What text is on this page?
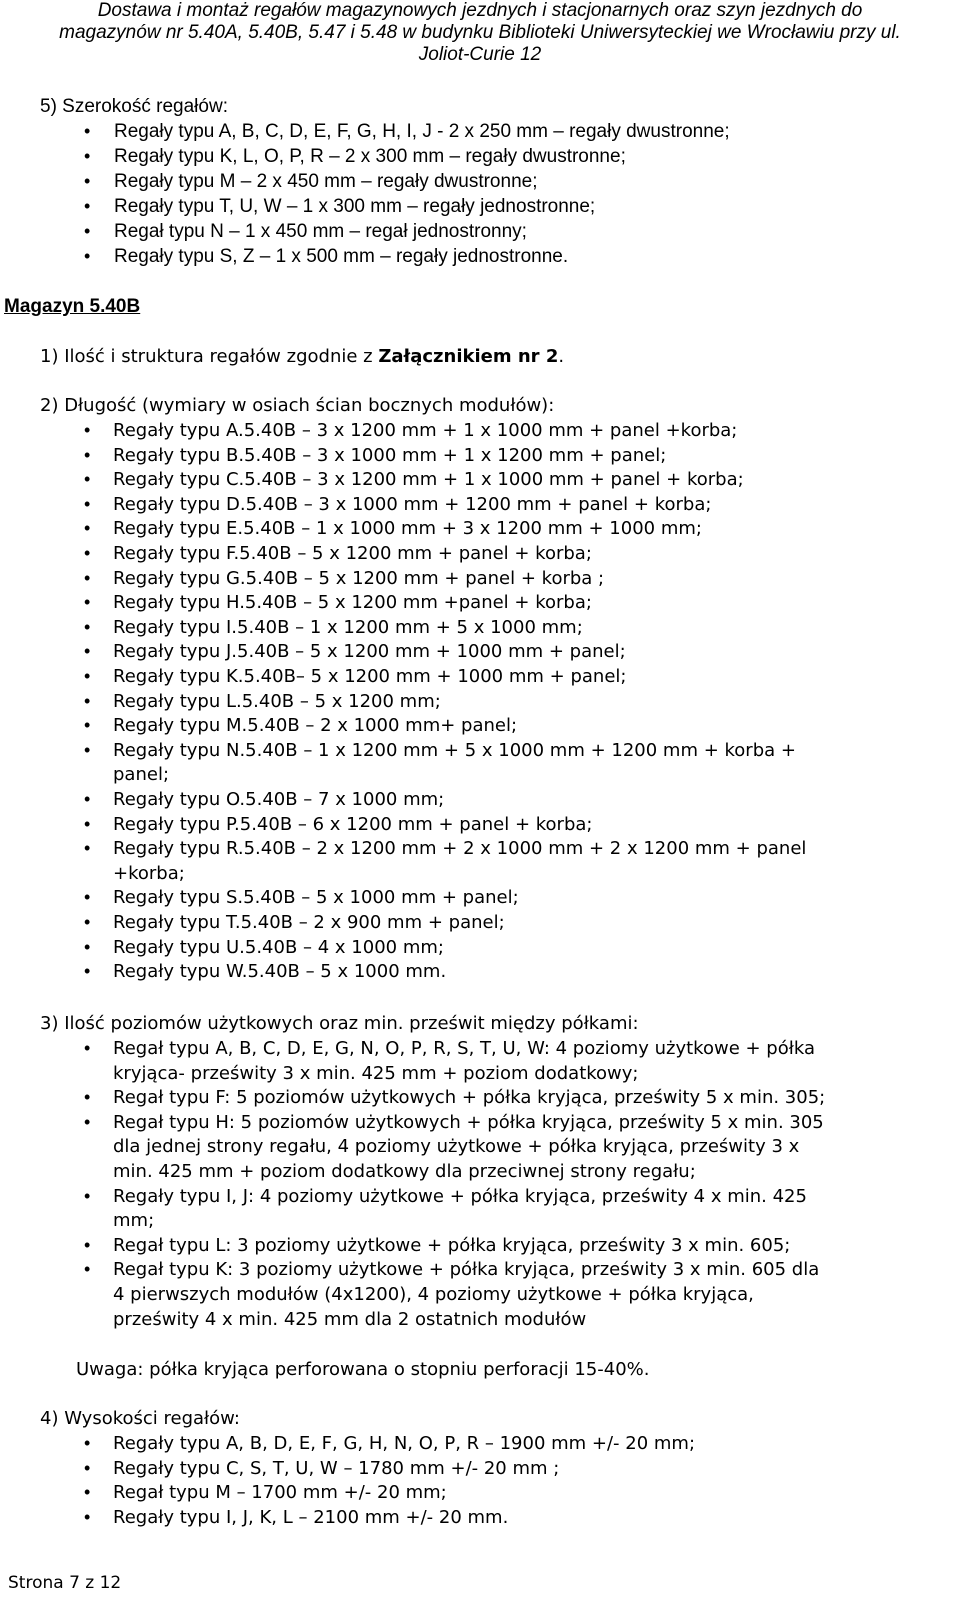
Dostawa i montaż regałów magazynowych jezdnych i stacjonarnych oraz szyn jezdnych do
magazynów nr 5.40A, 5.40B, 5.47 i 5.48 w budynku Biblioteki Uniwersyteckiej we Wrocławiu przy ul.
Joliot-Curie 12
5) Szerokość regałów:
• Regały typu A, B, C, D, E, F, G, H, I, J - 2 x 250 mm – regały dwustronne;
• Regały typu K, L, O, P, R – 2 x 300 mm – regały dwustronne;
• Regały typu M – 2 x 450 mm – regały dwustronne;
• Regały typu T, U, W – 1 x 300 mm – regały jednostronne;
• Regał typu N – 1 x 450 mm – regał jednostronny;
• Regały typu S, Z – 1 x 500 mm – regały jednostronne.
Magazyn 5.40B
1) Ilość i struktura regałów zgodnie z Załącznikiem nr 2.
2) Długość (wymiary w osiach ścian bocznych modułów):
• Regały typu A.5.40B – 3 x 1200 mm + 1 x 1000 mm + panel +korba;
• Regały typu B.5.40B – 3 x 1000 mm + 1 x 1200 mm + panel;
• Regały typu C.5.40B – 3 x 1200 mm + 1 x 1000 mm + panel + korba;
• Regały typu D.5.40B – 3 x 1000 mm + 1200 mm + panel + korba;
• Regały typu E.5.40B – 1 x 1000 mm + 3 x 1200 mm + 1000 mm;
• Regały typu F.5.40B – 5 x 1200 mm + panel + korba;
• Regały typu G.5.40B – 5 x 1200 mm + panel + korba ;
• Regały typu H.5.40B – 5 x 1200 mm +panel + korba;
• Regały typu I.5.40B – 1 x 1200 mm + 5 x 1000 mm;
• Regały typu J.5.40B – 5 x 1200 mm + 1000 mm + panel;
• Regały typu K.5.40B– 5 x 1200 mm + 1000 mm + panel;
• Regały typu L.5.40B – 5 x 1200 mm;
• Regały typu M.5.40B – 2 x 1000 mm+ panel;
• Regały typu N.5.40B – 1 x 1200 mm + 5 x 1000 mm + 1200 mm + korba +
panel;
• Regały typu O.5.40B – 7 x 1000 mm;
• Regały typu P.5.40B – 6 x 1200 mm + panel + korba;
• Regały typu R.5.40B – 2 x 1200 mm + 2 x 1000 mm + 2 x 1200 mm + panel
+korba;
• Regały typu S.5.40B – 5 x 1000 mm + panel;
• Regały typu T.5.40B – 2 x 900 mm + panel;
• Regały typu U.5.40B – 4 x 1000 mm;
• Regały typu W.5.40B – 5 x 1000 mm.
3) Ilość poziomów użytkowych oraz min. prześwit między półkami:
• Regał typu A, B, C, D, E, G, N, O, P, R, S, T, U, W: 4 poziomy użytkowe + półka
kryjąca- prześwity 3 x min. 425 mm + poziom dodatkowy;
• Regał typu F: 5 poziomów użytkowych + półka kryjąca, prześwity 5 x min. 305;
• Regał typu H: 5 poziomów użytkowych + półka kryjąca, prześwity 5 x min. 305
dla jednej strony regału, 4 poziomy użytkowe + półka kryjąca, prześwity 3 x
min. 425 mm + poziom dodatkowy dla przeciwnej strony regału;
• Regały typu I, J: 4 poziomy użytkowe + półka kryjąca, prześwity 4 x min. 425
mm;
• Regał typu L: 3 poziomy użytkowe + półka kryjąca, prześwity 3 x min. 605;
• Regał typu K: 3 poziomy użytkowe + półka kryjąca, prześwity 3 x min. 605 dla
4 pierwszych modułów (4x1200), 4 poziomy użytkowe + półka kryjąca,
prześwity 4 x min. 425 mm dla 2 ostatnich modułów
Uwaga: półka kryjąca perforowana o stopniu perforacji 15-40%.
4) Wysokości regałów:
• Regały typu A, B, D, E, F, G, H, N, O, P, R – 1900 mm +/- 20 mm;
• Regały typu C, S, T, U, W – 1780 mm +/- 20 mm ;
• Regał typu M – 1700 mm +/- 20 mm;
• Regały typu I, J, K, L – 2100 mm +/- 20 mm.
Strona 7 z 12
